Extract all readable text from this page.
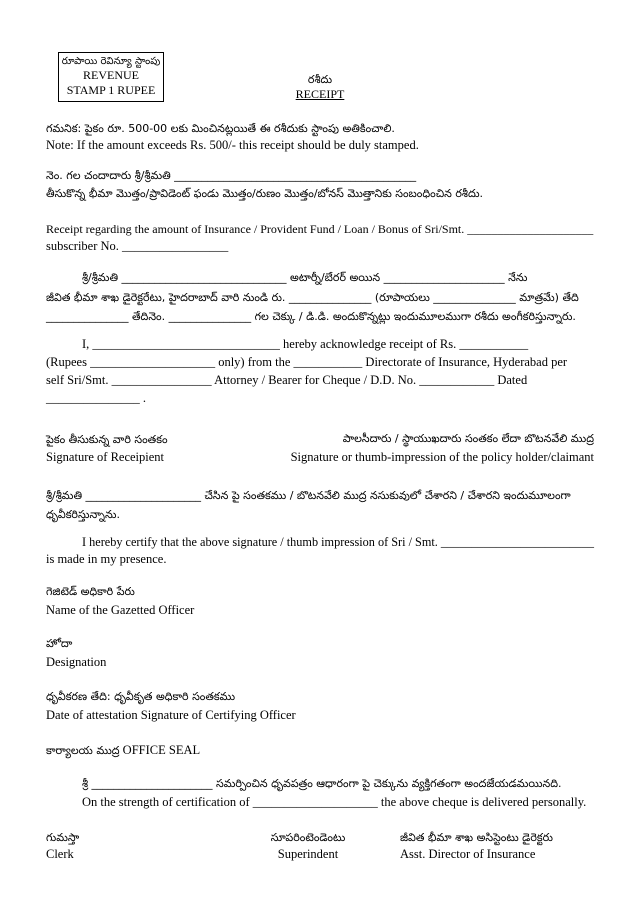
రూపాయి రెవిన్యూ స్టాంపు
REVENUE
STAMP 1 RUPEE
రశీదు
RECEIPT
గమనిక: పైకం రూ. 500-00 లకు మించినట్లయితే ఈ రశీదుకు స్టాంపు అతికించాలి.
Note: If the amount exceeds Rs. 500/- this receipt should be duly stamped.
నెం. గల చందాదారు శ్రీ/శ్రీమతి ____________________________________________
తీసుకొన్న భీమా మొత్తం/ప్రావిడెంట్ ఫండు మొత్తం/రుణం మొత్తం/బోనస్ మొత్తానికు సంబంధించిన రశీదు.
Receipt regarding the amount of Insurance / Provident Fund / Loan / Bonus of Sri/Smt. _____________________
subscriber No. _________________
శ్రీ/శ్రీమతి ______________________________ అటార్నీ/బేరర్ అయిన ______________________ నేను
జీవిత భీమా శాఖ డైరెక్టరేటు, హైదరాబాద్ వారి నుండి రు. _______________ (రూపాయలు _______________ మాత్రమే) తేది
_______________ తేదినెం. _______________ గల చెక్కు / డి.డి. అందుకొన్నట్లు ఇందుమూలముగా రశీదు అంగీకరిస్తున్నారు.
I, ______________________________ hereby acknowledge receipt of Rs. ___________
(Rupees ____________________ only) from the ___________ Directorate of Insurance, Hyderabad per
self Sri/Smt. ________________ Attorney / Bearer for Cheque / D.D. No. ____________ Dated
_______________ .
పైకం తీసుకున్న వారి సంతకం	పాలసీదారు / స్థాయుఖదారు సంతకం లేదా బొటనవేలి ముద్ర
Signature of Receipient	Signature or thumb-impression of the policy holder/claimant
శ్రీ/శ్రీమతి _____________________ చేసిన పై సంతకము / బొటనవేలి ముద్ర నసుకువులో చేశారని / చేశారని ఇందుమూలంగా
ధృవీకరిస్తున్నాను.
I hereby certify that the above signature / thumb impression of Sri / Smt. _________________________
is made in my presence.
గెజిటెడ్ అధికారి పేరు
Name of the Gazetted Officer
హోదా
Designation
ధృవీకరణ తేది: ధృవీకృత అధికారి సంతకము
Date of attestation Signature of Certifying Officer
కార్యాలయ ముద్ర OFFICE SEAL
శ్రీ ______________________ సమర్పించిన ధృవపత్రం ఆధారంగా పై చెక్కును వ్యక్తిగతంగా అందజేయడమయినది.
On the strength of certification of ____________________ the above cheque is delivered personally.
గుమస్తా
Clerk
సూపరింటెండెంటు
Superindent
జీవిత భీమా శాఖ అసిస్టెంటు డైరెక్టరు
Asst. Director of Insurance
